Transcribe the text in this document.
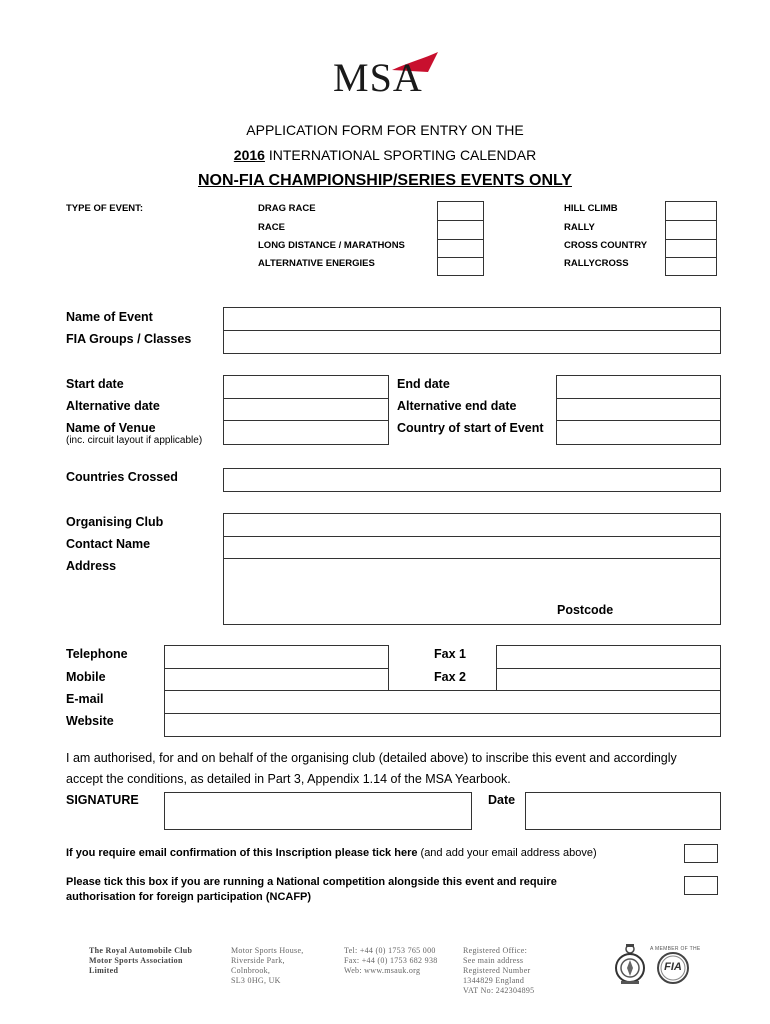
MSA
APPLICATION FORM FOR ENTRY ON THE
2016 INTERNATIONAL SPORTING CALENDAR
NON-FIA CHAMPIONSHIP/SERIES EVENTS ONLY
TYPE OF EVENT:	DRAG RACE
RACE
LONG DISTANCE / MARATHONS
ALTERNATIVE ENERGIES
HILL CLIMB
RALLY
CROSS COUNTRY
RALLYCROSS
Name of Event
FIA Groups / Classes
Start date
Alternative date
Name of Venue
(inc. circuit layout if applicable)
End date
Alternative end date
Country of start of Event
Countries Crossed
Organising Club
Contact Name
Address
Postcode
Telephone
Mobile
E-mail
Website
Fax 1
Fax 2
I am authorised, for and on behalf of the organising club (detailed above) to inscribe this event and accordingly
accept the conditions, as detailed in Part 3, Appendix 1.14 of the MSA Yearbook.
SIGNATURE	Date
If you require email confirmation of this Inscription please tick here (and add your email address above)
Please tick this box if you are running a National competition alongside this event and require
authorisation for foreign participation (NCAFP)
The Royal Automobile Club
Motor Sports Association
Limited
Motor Sports House,
Riverside Park,
Colnbrook,
SL3 0HG, UK
Tel: +44 (0) 1753 765 000
Fax: +44 (0) 1753 682 938
Web: www.msauk.org
Registered Office:
See main address
Registered Number
1344829 England
VAT No: 242304895
A MEMBER OF THE
FIA
